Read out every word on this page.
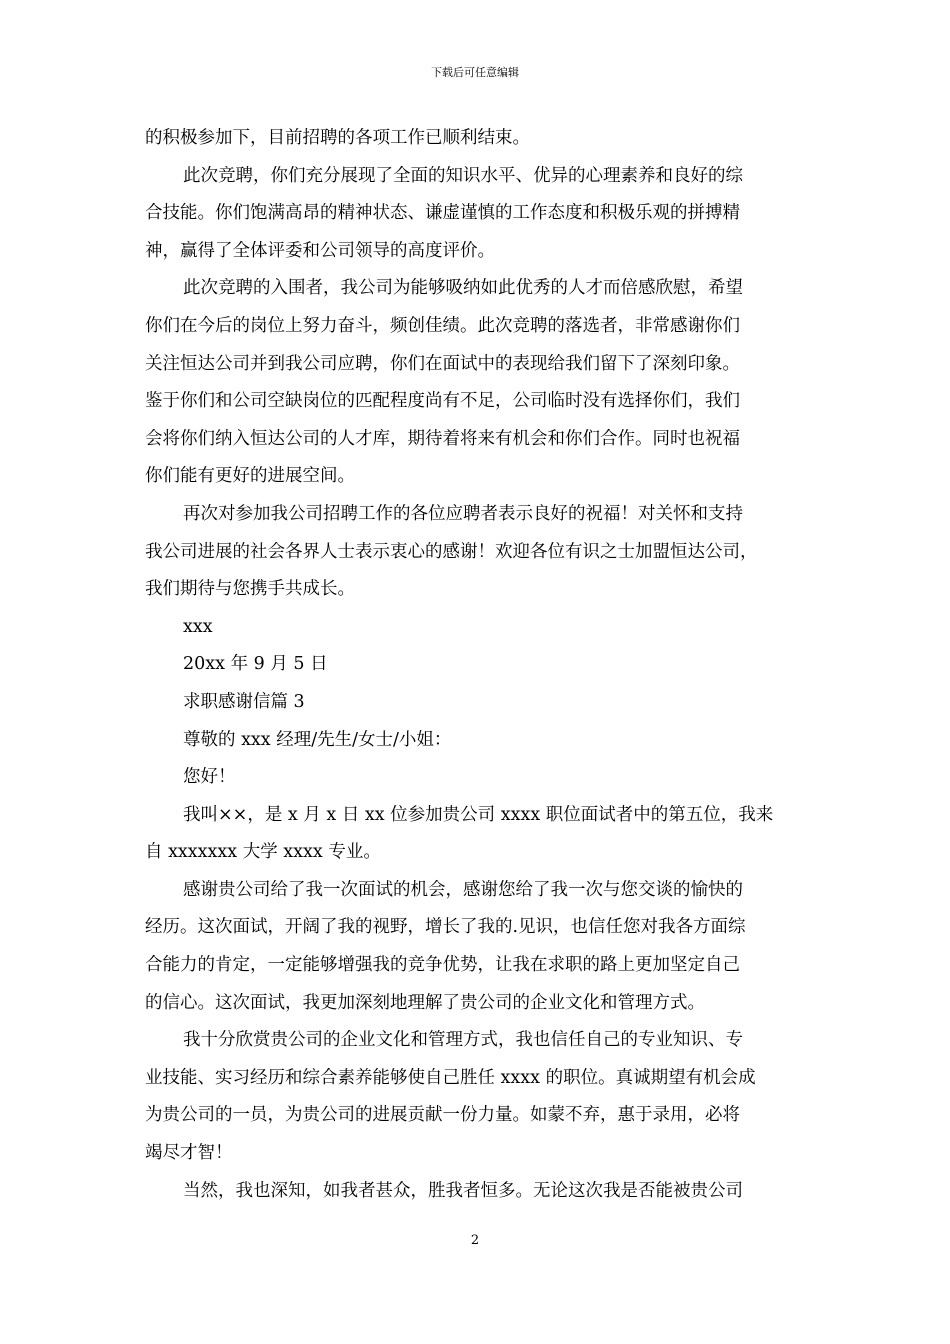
下载后可任意编辑
的积极参加下，目前招聘的各项工作已顺利结束。
此次竞聘，你们充分展现了全面的知识水平、优异的心理素养和良好的综
合技能。你们饱满高昂的精神状态、谦虚谨慎的工作态度和积极乐观的拼搏精
神，赢得了全体评委和公司领导的高度评价。
此次竞聘的入围者，我公司为能够吸纳如此优秀的人才而倍感欣慰，希望
你们在今后的岗位上努力奋斗，频创佳绩。此次竞聘的落选者，非常感谢你们
关注恒达公司并到我公司应聘，你们在面试中的表现给我们留下了深刻印象。
鉴于你们和公司空缺岗位的匹配程度尚有不足，公司临时没有选择你们，我们
会将你们纳入恒达公司的人才库，期待着将来有机会和你们合作。同时也祝福
你们能有更好的进展空间。
再次对参加我公司招聘工作的各位应聘者表示良好的祝福！对关怀和支持
我公司进展的社会各界人士表示衷心的感谢！欢迎各位有识之士加盟恒达公司，
我们期待与您携手共成长。
xxx
20xx 年 9 月 5 日
求职感谢信篇 3
尊敬的 xxx 经理/先生/女士/小姐：
您好！
我叫××，是 x 月 x 日 xx 位参加贵公司 xxxx 职位面试者中的第五位，我来
自 xxxxxxx 大学 xxxx 专业。
感谢贵公司给了我一次面试的机会，感谢您给了我一次与您交谈的愉快的
经历。这次面试，开阔了我的视野，增长了我的.见识，也信任您对我各方面综
合能力的肯定，一定能够增强我的竞争优势，让我在求职的路上更加坚定自己
的信心。这次面试，我更加深刻地理解了贵公司的企业文化和管理方式。
我十分欣赏贵公司的企业文化和管理方式，我也信任自己的专业知识、专
业技能、实习经历和综合素养能够使自己胜任 xxxx 的职位。真诚期望有机会成
为贵公司的一员，为贵公司的进展贡献一份力量。如蒙不弃，惠于录用，必将
竭尽才智！
当然，我也深知，如我者甚众，胜我者恒多。无论这次我是否能被贵公司
2
